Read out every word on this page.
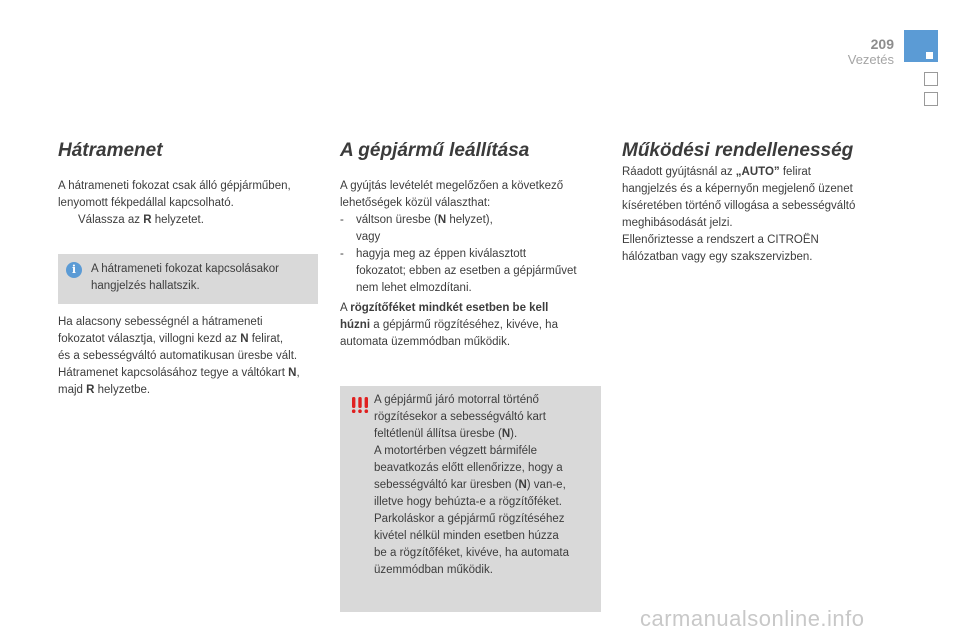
209
Vezetés
Hátramenet

A hátrameneti fokozat csak álló gépjárműben,

lenyomott fékpedállal kapcsolható.

Válassza az R helyzetet.

i	A hátrameneti fokozat kapcsolásakor
hangjelzés hallatszik.

Ha alacsony sebességnél a hátrameneti

fokozatot választja, villogni kezd az N felirat,

és a sebességváltó automatikusan üresbe vált.

Hátramenet kapcsolásához tegye a váltókart N,

majd R helyzetbe.

A gépjármű leállítása

A gyújtás levételét megelőzően a következő

lehetőségek közül választhat:

- váltson üresbe (N helyzet),

vagy

- hagyja meg az éppen kiválasztott

fokozatot; ebben az esetben a gépjárművet

nem lehet elmozdítani.

A rögzítőféket mindkét esetben be kell

húzni a gépjármű rögzítéséhez, kivéve, ha

automata üzemmódban működik.

A gépjármű járó motorral történő
rögzítésekor a sebességváltó kart
feltétlenül állítsa üresbe (N).
A motortérben végzett bármiféle
beavatkozás előtt ellenőrizze, hogy a
sebességváltó kar üresben (N) van-e,
illetve hogy behúzta-e a rögzítőféket.
Parkoláskor a gépjármű rögzítéséhez
kivétel nélkül minden esetben húzza
be a rögzítőféket, kivéve, ha automata
üzemmódban működik.
Működési rendellenesség

Ráadott gyújtásnál az „AUTO” felirat

hangjelzés és a képernyőn megjelenő üzenet

kíséretében történő villogása a sebességváltó

meghibásodását jelzi.

Ellenőriztesse a rendszert a CITROËN

hálózatban vagy egy szakszervizben.

carmanualsonline.info
